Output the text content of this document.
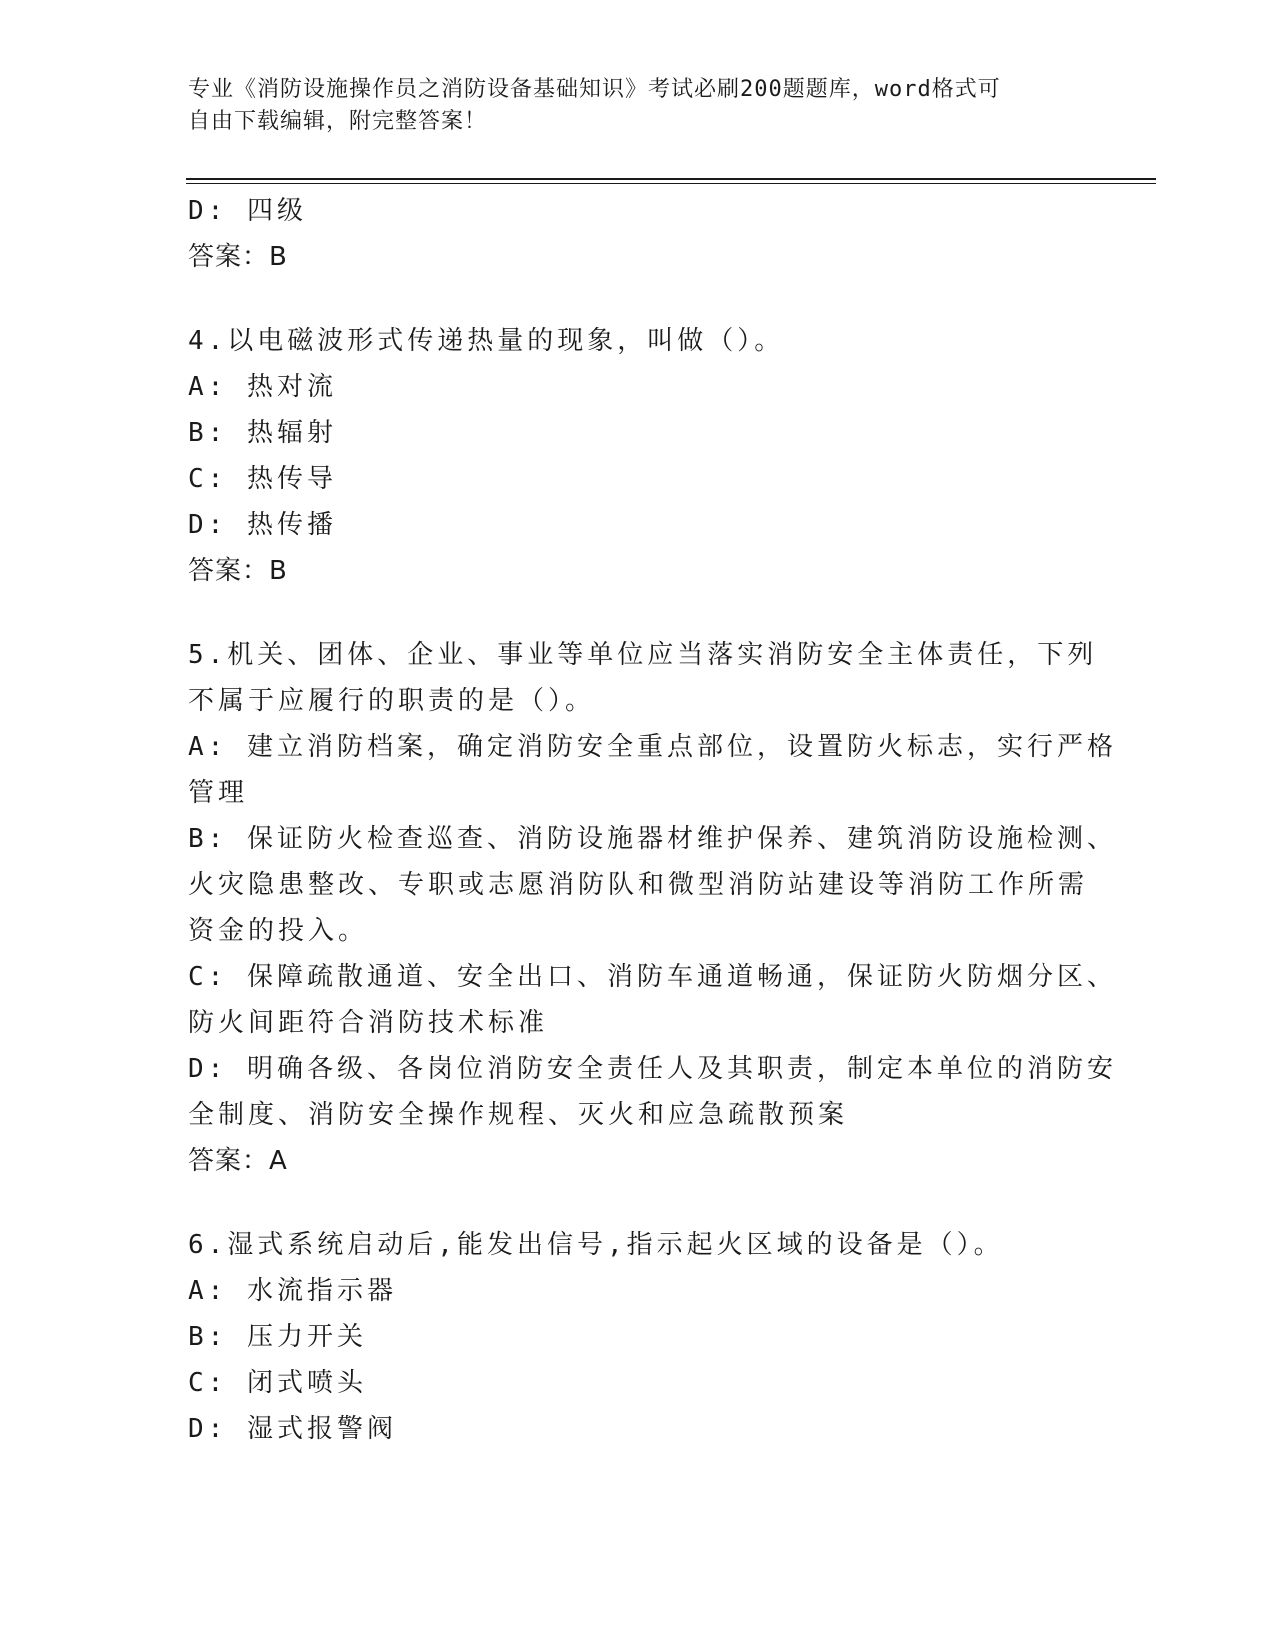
专业《消防设施操作员之消防设备基础知识》考试必刷200题题库，word格式可
自由下载编辑，附完整答案！
D: 四级
答案：B
4.以电磁波形式传递热量的现象，叫做（）。
A: 热对流
B: 热辐射
C: 热传导
D: 热传播
答案：B
5.机关、团体、企业、事业等单位应当落实消防安全主体责任，下列
不属于应履行的职责的是（）。
A: 建立消防档案，确定消防安全重点部位，设置防火标志，实行严格
管理
B: 保证防火检查巡查、消防设施器材维护保养、建筑消防设施检测、
火灾隐患整改、专职或志愿消防队和微型消防站建设等消防工作所需
资金的投入。
C: 保障疏散通道、安全出口、消防车通道畅通，保证防火防烟分区、
防火间距符合消防技术标准
D: 明确各级、各岗位消防安全责任人及其职责，制定本单位的消防安
全制度、消防安全操作规程、灭火和应急疏散预案
答案：A
6.湿式系统启动后,能发出信号,指示起火区域的设备是（）。
A: 水流指示器
B: 压力开关
C: 闭式喷头
D: 湿式报警阀
